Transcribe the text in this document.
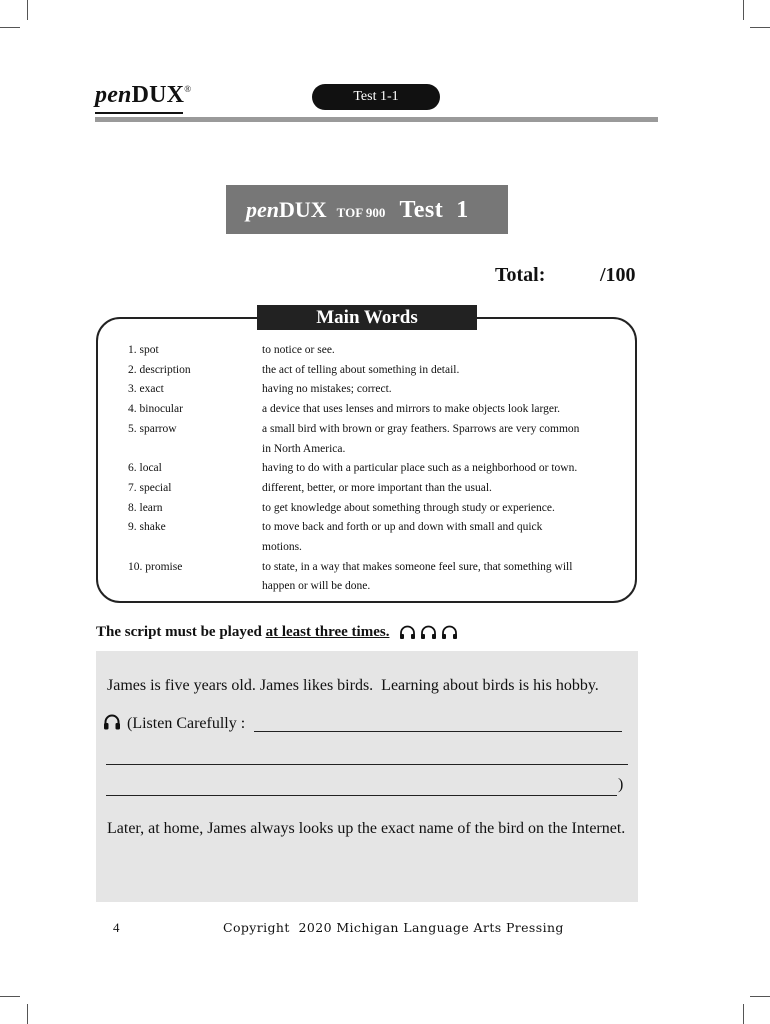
penDUX®	Test 1-1
penDUX TOF 900 Test  1
Total:	/100
Main Words
1. spot	to notice or see.
2. description	the act of telling about something in detail.
3. exact	having no mistakes; correct.
4. binocular	a device that uses lenses and mirrors to make objects look larger.
5. sparrow	a small bird with brown or gray feathers. Sparrows are very common
in North America.
6. local	having to do with a particular place such as a neighborhood or town.
7. special	different, better, or more important than the usual.
8. learn	to get knowledge about something through study or experience.
9. shake	to move back and forth or up and down with small and quick
motions.
10. promise	to state, in a way that makes someone feel sure, that something will
happen or will be done.
The script must be played at least three times.
James is five years old. James likes birds.  Learning about birds is his hobby.
(Listen Carefully :
)
Later, at home, James always looks up the exact name of the bird on the Internet.
4	Copyright  2020 Michigan Language Arts Pressing
